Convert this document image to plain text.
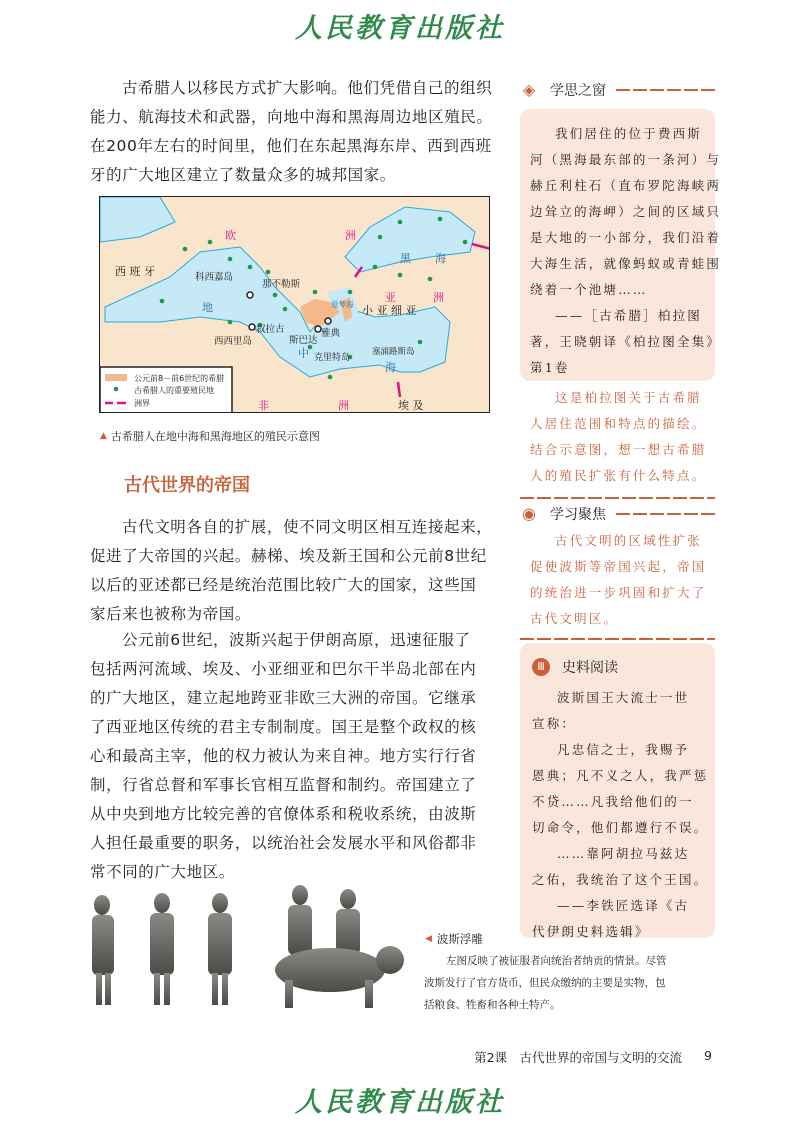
人民教育出版社
古希腊人以移民方式扩大影响。他们凭借自己的组织
能力、航海技术和武器，向地中海和黑海周边地区殖民。
在200年左右的时间里，他们在东起黑海东岸、西到西班
牙的广大地区建立了数量众多的城邦国家。
欧	洲
西 班 牙	科西嘉岛
那不勒斯
叙拉古
西西里岛	斯巴达
雅典
克里特岛
塞浦路斯岛
小 亚 细 亚
亚	洲
黑 海
地
中
海
爱琴海
非	洲	埃 及
公元前8－前6世纪的希腊
古希腊人的重要殖民地
洲界
▲ 古希腊人在地中海和黑海地区的殖民示意图
古代世界的帝国
古代文明各自的扩展，使不同文明区相互连接起来，
促进了大帝国的兴起。赫梯、埃及新王国和公元前8世纪
以后的亚述都已经是统治范围比较广大的国家，这些国
家后来也被称为帝国。
公元前6世纪，波斯兴起于伊朗高原，迅速征服了
包括两河流域、埃及、小亚细亚和巴尔干半岛北部在内
的广大地区，建立起地跨亚非欧三大洲的帝国。它继承
了西亚地区传统的君主专制制度。国王是整个政权的核
心和最高主宰，他的权力被认为来自神。地方实行行省
制，行省总督和军事长官相互监督和制约。帝国建立了
从中央到地方比较完善的官僚体系和税收系统，由波斯
人担任最重要的职务，以统治社会发展水平和风俗都非
常不同的广大地区。
◀ 波斯浮雕
左图反映了被征服者向统治者纳贡的情景。尽管
波斯发行了官方货币，但民众缴纳的主要是实物，包
括粮食、牲畜和各种土特产。
◈ 学思之窗
我们居住的位于费西斯
河（黑海最东部的一条河）与
赫丘利柱石（直布罗陀海峡两
边耸立的海岬）之间的区域只
是大地的一小部分，我们沿着
大海生活，就像蚂蚁或青蛙围
绕着一个池塘……
——［古希腊］柏拉图
著，王晓朝译《柏拉图全集》
第1卷
这是柏拉图关于古希腊
人居住范围和特点的描绘。
结合示意图，想一想古希腊
人的殖民扩张有什么特点。
◉ 学习聚焦
古代文明的区域性扩张
促使波斯等帝国兴起，帝国
的统治进一步巩固和扩大了
古代文明区。
Ⅲ	史料阅读
波斯国王大流士一世
宣称：
凡忠信之士，我赐予
恩典；凡不义之人，我严惩
不贷……凡我给他们的一
切命令，他们都遵行不误。
……靠阿胡拉马兹达
之佑，我统治了这个王国。
——李铁匠选译《古
代伊朗史料选辑》
第2课　古代世界的帝国与文明的交流 9
人民教育出版社
